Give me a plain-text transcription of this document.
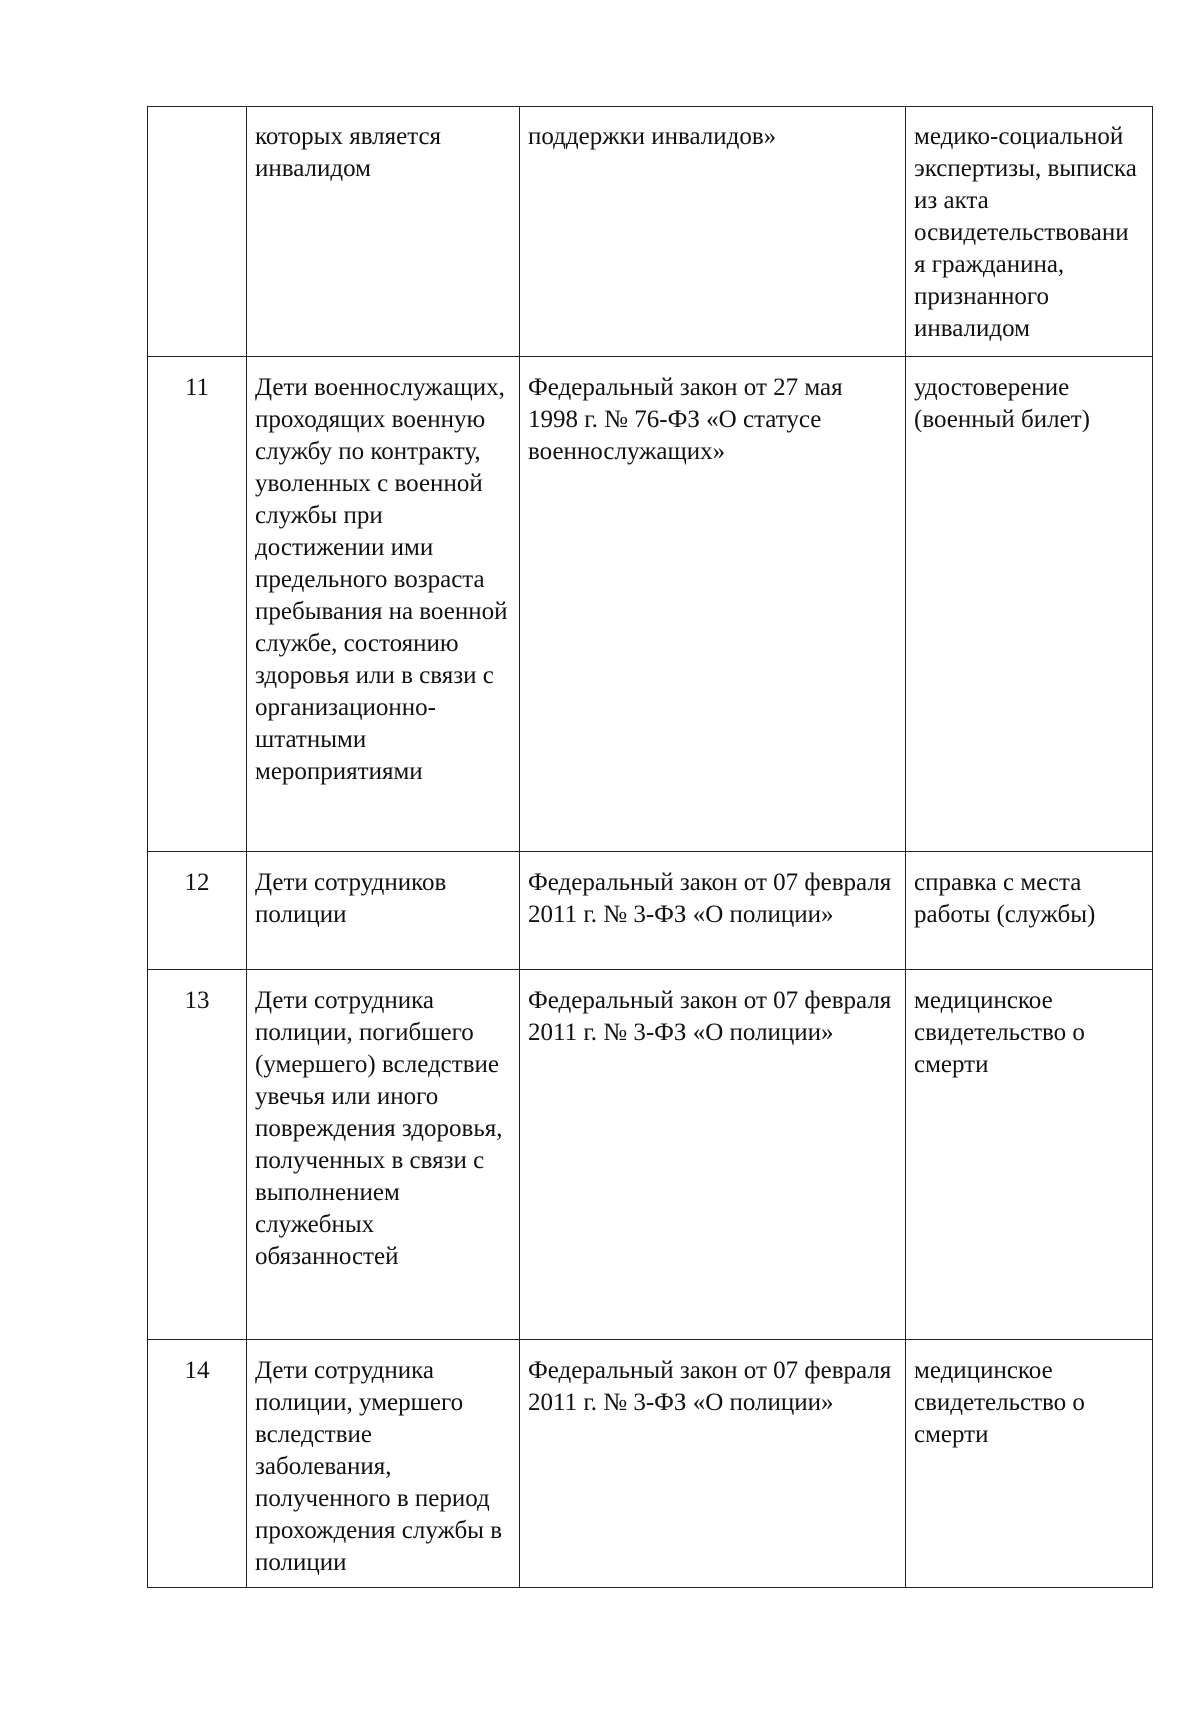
	которых является инвалидом	поддержки инвалидов»	медико-социальной экспертизы, выписка из акта освидетельствовани я гражданина, признанного инвалидом
11	Дети военнослужащих, проходящих военную службу по контракту, уволенных с военной службы при достижении ими предельного возраста пребывания на военной службе, состоянию здоровья или в связи с организационно-штатными мероприятиями	Федеральный закон от 27 мая 1998 г. № 76-ФЗ «О статусе военнослужащих»	удостоверение (военный билет)
12	Дети сотрудников полиции	Федеральный закон от 07 февраля 2011 г. № 3-ФЗ «О полиции»	справка с места работы (службы)
13	Дети сотрудника полиции, погибшего (умершего) вследствие увечья или иного повреждения здоровья, полученных в связи с выполнением служебных обязанностей	Федеральный закон от 07 февраля 2011 г. № 3-ФЗ «О полиции»	медицинское свидетельство о смерти
14	Дети сотрудника полиции, умершего вследствие заболевания, полученного в период прохождения службы в полиции	Федеральный закон от 07 февраля 2011 г. № 3-ФЗ «О полиции»	медицинское свидетельство о смерти
